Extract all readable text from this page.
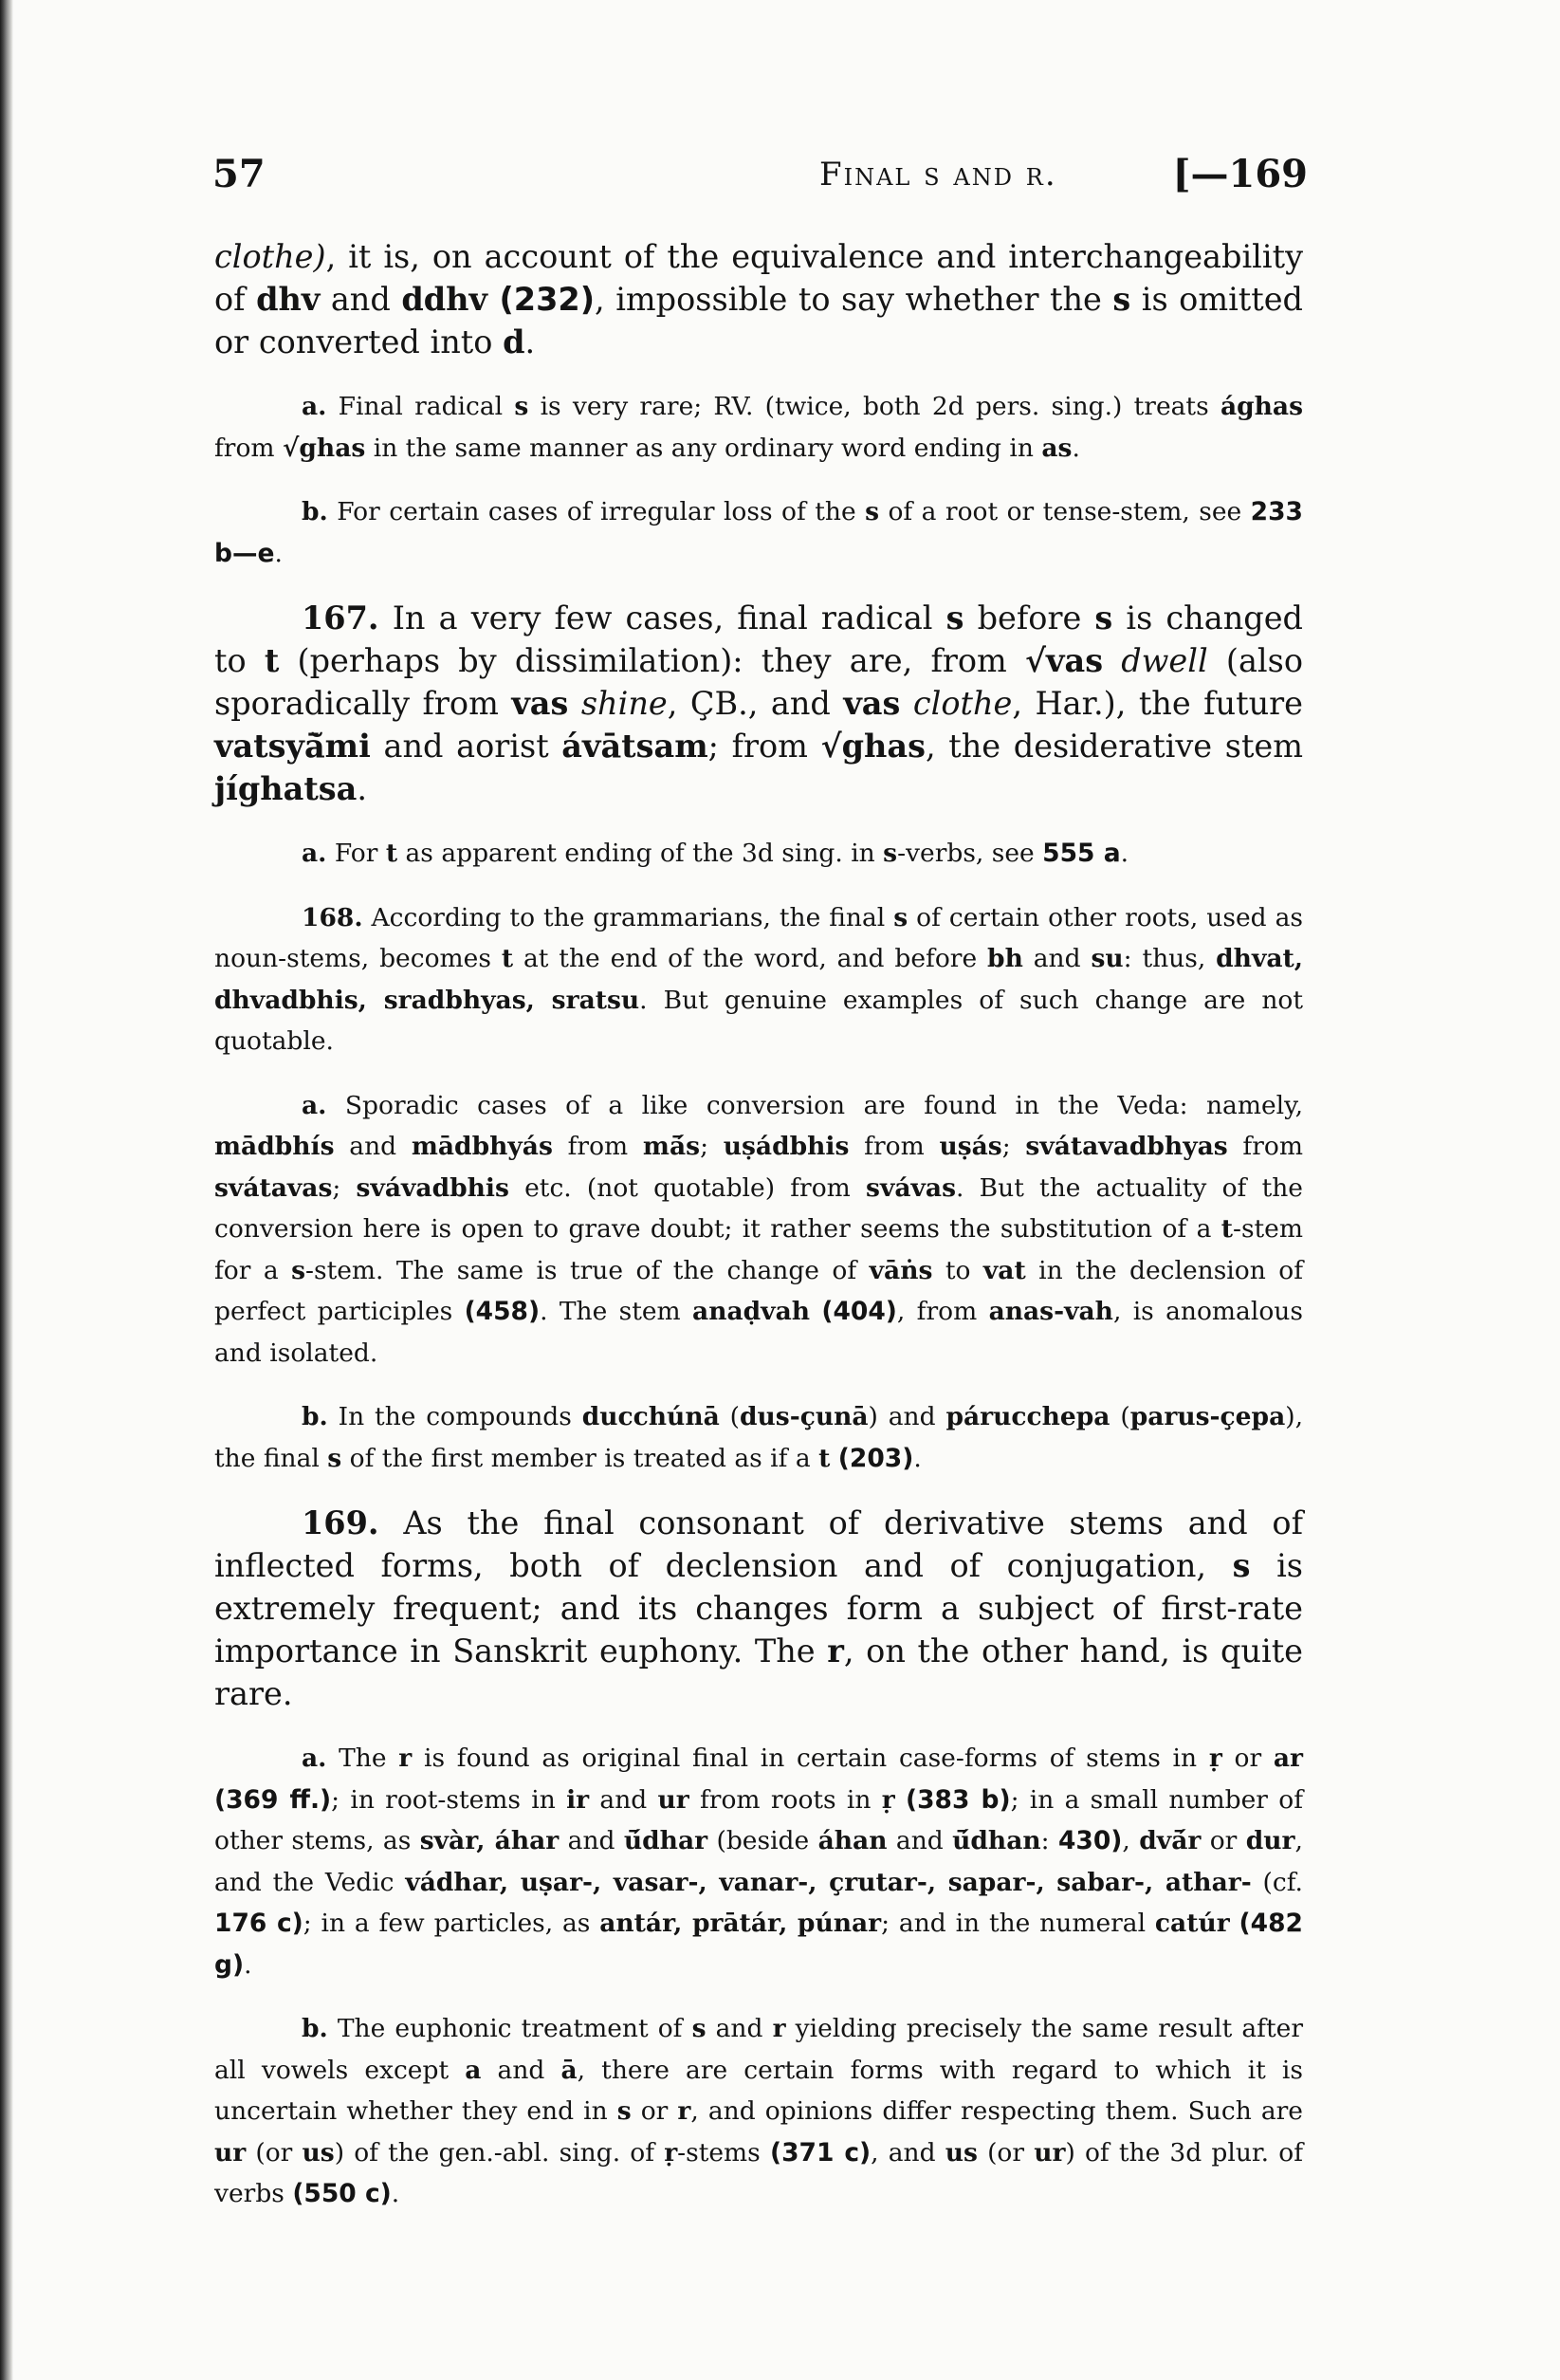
57	Final s and r.	[—169

clothe), it is, on account of the equivalence and interchangeability of dhv and ddhv (232), impossible to say whether the s is omitted or converted into d.

a. Final radical s is very rare; RV. (twice, both 2d pers. sing.) treats ághas from √ghas in the same manner as any ordinary word ending in as.

b. For certain cases of irregular loss of the s of a root or tense-stem, see 233 b—e.

167. In a very few cases, final radical s before s is changed to t (perhaps by dissimilation): they are, from √vas dwell (also sporadically from vas shine, ÇB., and vas clothe, Har.), the future vatsyā̆mi and aorist ávātsam; from √ghas, the desiderative stem jíghatsa.

a. For t as apparent ending of the 3d sing. in s-verbs, see 555 a.

168. According to the grammarians, the final s of certain other roots, used as noun-stems, becomes t at the end of the word, and before bh and su: thus, dhvat, dhvadbhis, sradbhyas, sratsu. But genuine examples of such change are not quotable.

a. Sporadic cases of a like conversion are found in the Veda: namely, mādbhís and mādbhyás from mā́s; uṣádbhis from uṣás; svátavadbhyas from svátavas; svávadbhis etc. (not quotable) from svávas. But the actuality of the conversion here is open to grave doubt; it rather seems the substitution of a t-stem for a s-stem. The same is true of the change of vāṅs to vat in the declension of perfect participles (458). The stem anaḍvah (404), from anas-vah, is anomalous and isolated.

b. In the compounds ducchúnā (dus-çunā) and párucchepa (parus-çepa), the final s of the first member is treated as if a t (203).

169. As the final consonant of derivative stems and of inflected forms, both of declension and of conjugation, s is extremely frequent; and its changes form a subject of first-rate importance in Sanskrit euphony. The r, on the other hand, is quite rare.

a. The r is found as original final in certain case-forms of stems in ṛ or ar (369 ff.); in root-stems in ir and ur from roots in ṛ (383 b); in a small number of other stems, as svàr, áhar and ū́dhar (beside áhan and ū́dhan: 430), dvā́r or dur, and the Vedic vádhar, uṣar-, vasar-, vanar-, çrutar-, sapar-, sabar-, athar- (cf. 176 c); in a few particles, as antár, prātár, púnar; and in the numeral catúr (482 g).

b. The euphonic treatment of s and r yielding precisely the same result after all vowels except a and ā, there are certain forms with regard to which it is uncertain whether they end in s or r, and opinions differ respecting them. Such are ur (or us) of the gen.-abl. sing. of ṛ-stems (371 c), and us (or ur) of the 3d plur. of verbs (550 c).
